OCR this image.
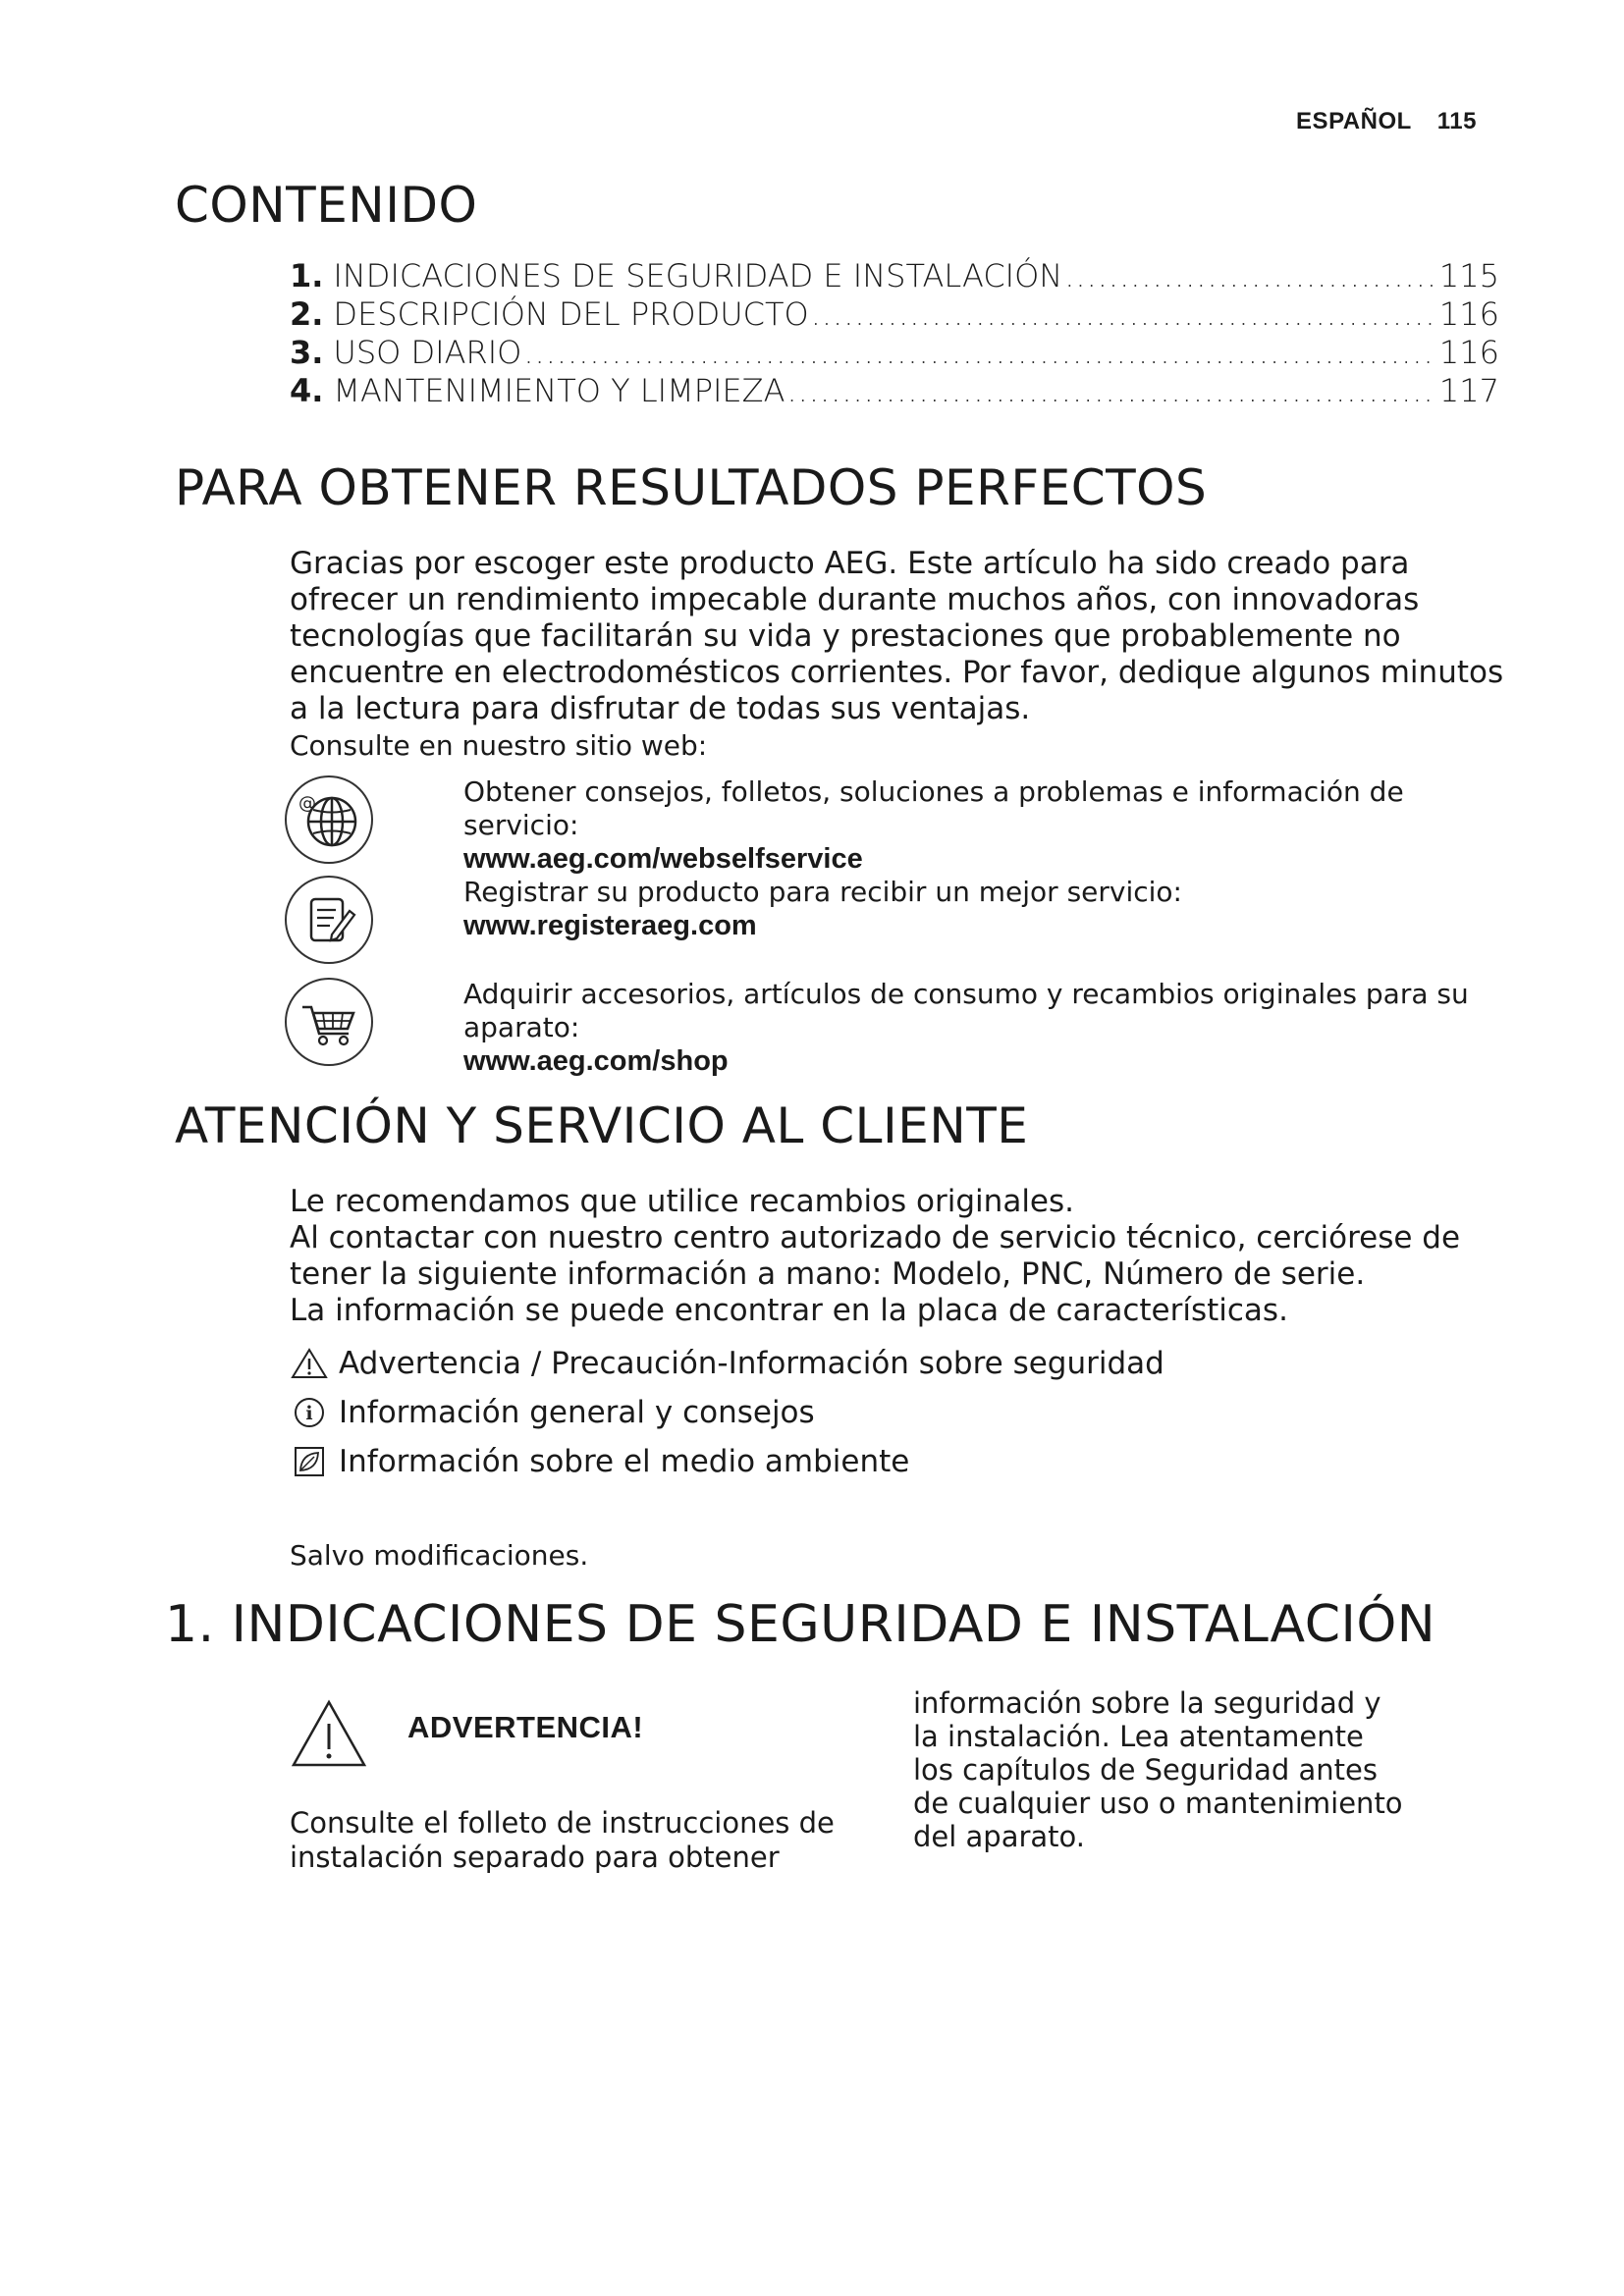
ESPAÑOL 115
CONTENIDO
1. INDICACIONES DE SEGURIDAD E INSTALACIÓN .....	115
2. DESCRIPCIÓN DEL PRODUCTO .....	116
3. USO DIARIO .....	116
4. MANTENIMIENTO Y LIMPIEZA .....	117
PARA OBTENER RESULTADOS PERFECTOS

Gracias por escoger este producto AEG. Este artículo ha sido creado para ofrecer un rendimiento impecable durante muchos años, con innovadoras tecnologías que facilitarán su vida y prestaciones que probablemente no encuentre en electrodomésticos corrientes. Por favor, dedique algunos minutos a la lectura para disfrutar de todas sus ventajas.

Consulte en nuestro sitio web:

@	Obtener consejos, folletos, soluciones a problemas e información de servicio:
www.aeg.com/webselfservice
Registrar su producto para recibir un mejor servicio:
www.registeraeg.com
Adquirir accesorios, artículos de consumo y recambios originales para su aparato:
www.aeg.com/shop
ATENCIÓN Y SERVICIO AL CLIENTE

Le recomendamos que utilice recambios originales.

Al contactar con nuestro centro autorizado de servicio técnico, cerciórese de tener la siguiente información a mano: Modelo, PNC, Número de serie.

La información se puede encontrar en la placa de características.

Advertencia / Precaución-Información sobre seguridad
i Información general y consejos
Información sobre el medio ambiente

Salvo modificaciones.

1. INDICACIONES DE SEGURIDAD E INSTALACIÓN
ADVERTENCIA!
Consulte el folleto de instrucciones de instalación separado para obtener
información sobre la seguridad y la instalación. Lea atentamente los capítulos de Seguridad antes de cualquier uso o mantenimiento del aparato.
